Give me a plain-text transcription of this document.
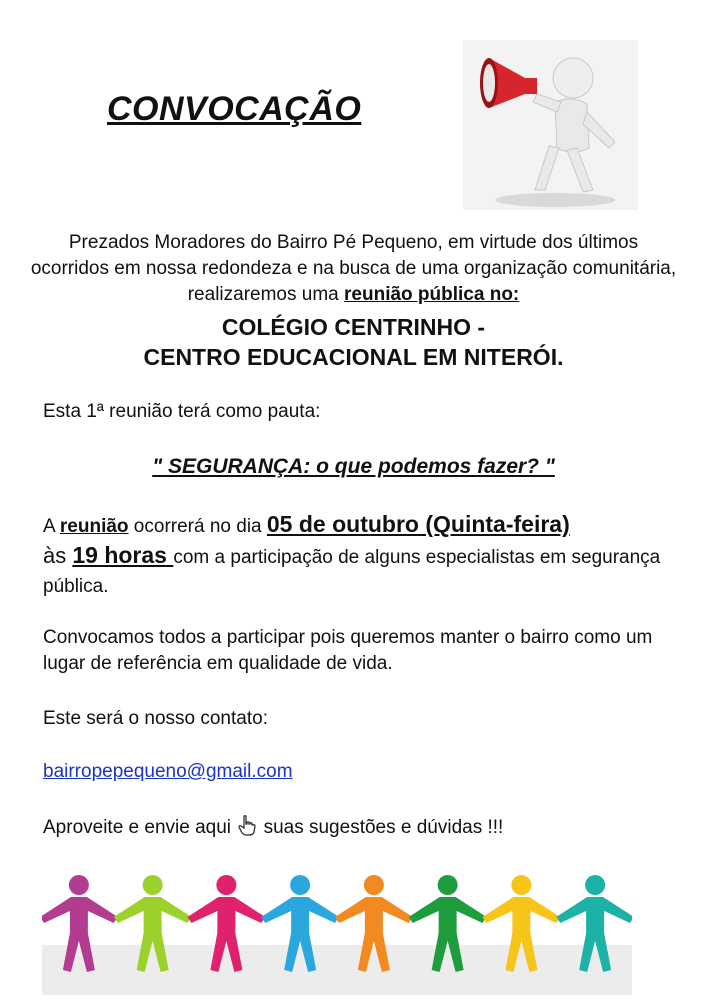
CONVOCAÇÃO
Prezados Moradores do Bairro Pé Pequeno, em virtude dos últimos ocorridos em nossa redondeza e na busca de uma organização comunitária, realizaremos uma reunião pública no:
COLÉGIO CENTRINHO -
CENTRO EDUCACIONAL EM NITERÓI.
Esta 1ª reunião terá como pauta:
" SEGURANÇA: o que podemos fazer? "
A reunião ocorrerá no dia 05 de outubro (Quinta-feira)
às 19 horas com a participação de alguns especialistas em segurança pública.
Convocamos todos a participar pois queremos manter o bairro como um lugar de referência em qualidade de vida.
Este será o nosso contato:
bairropepequeno@gmail.com
Aproveite e envie aqui  suas sugestões e dúvidas !!!
